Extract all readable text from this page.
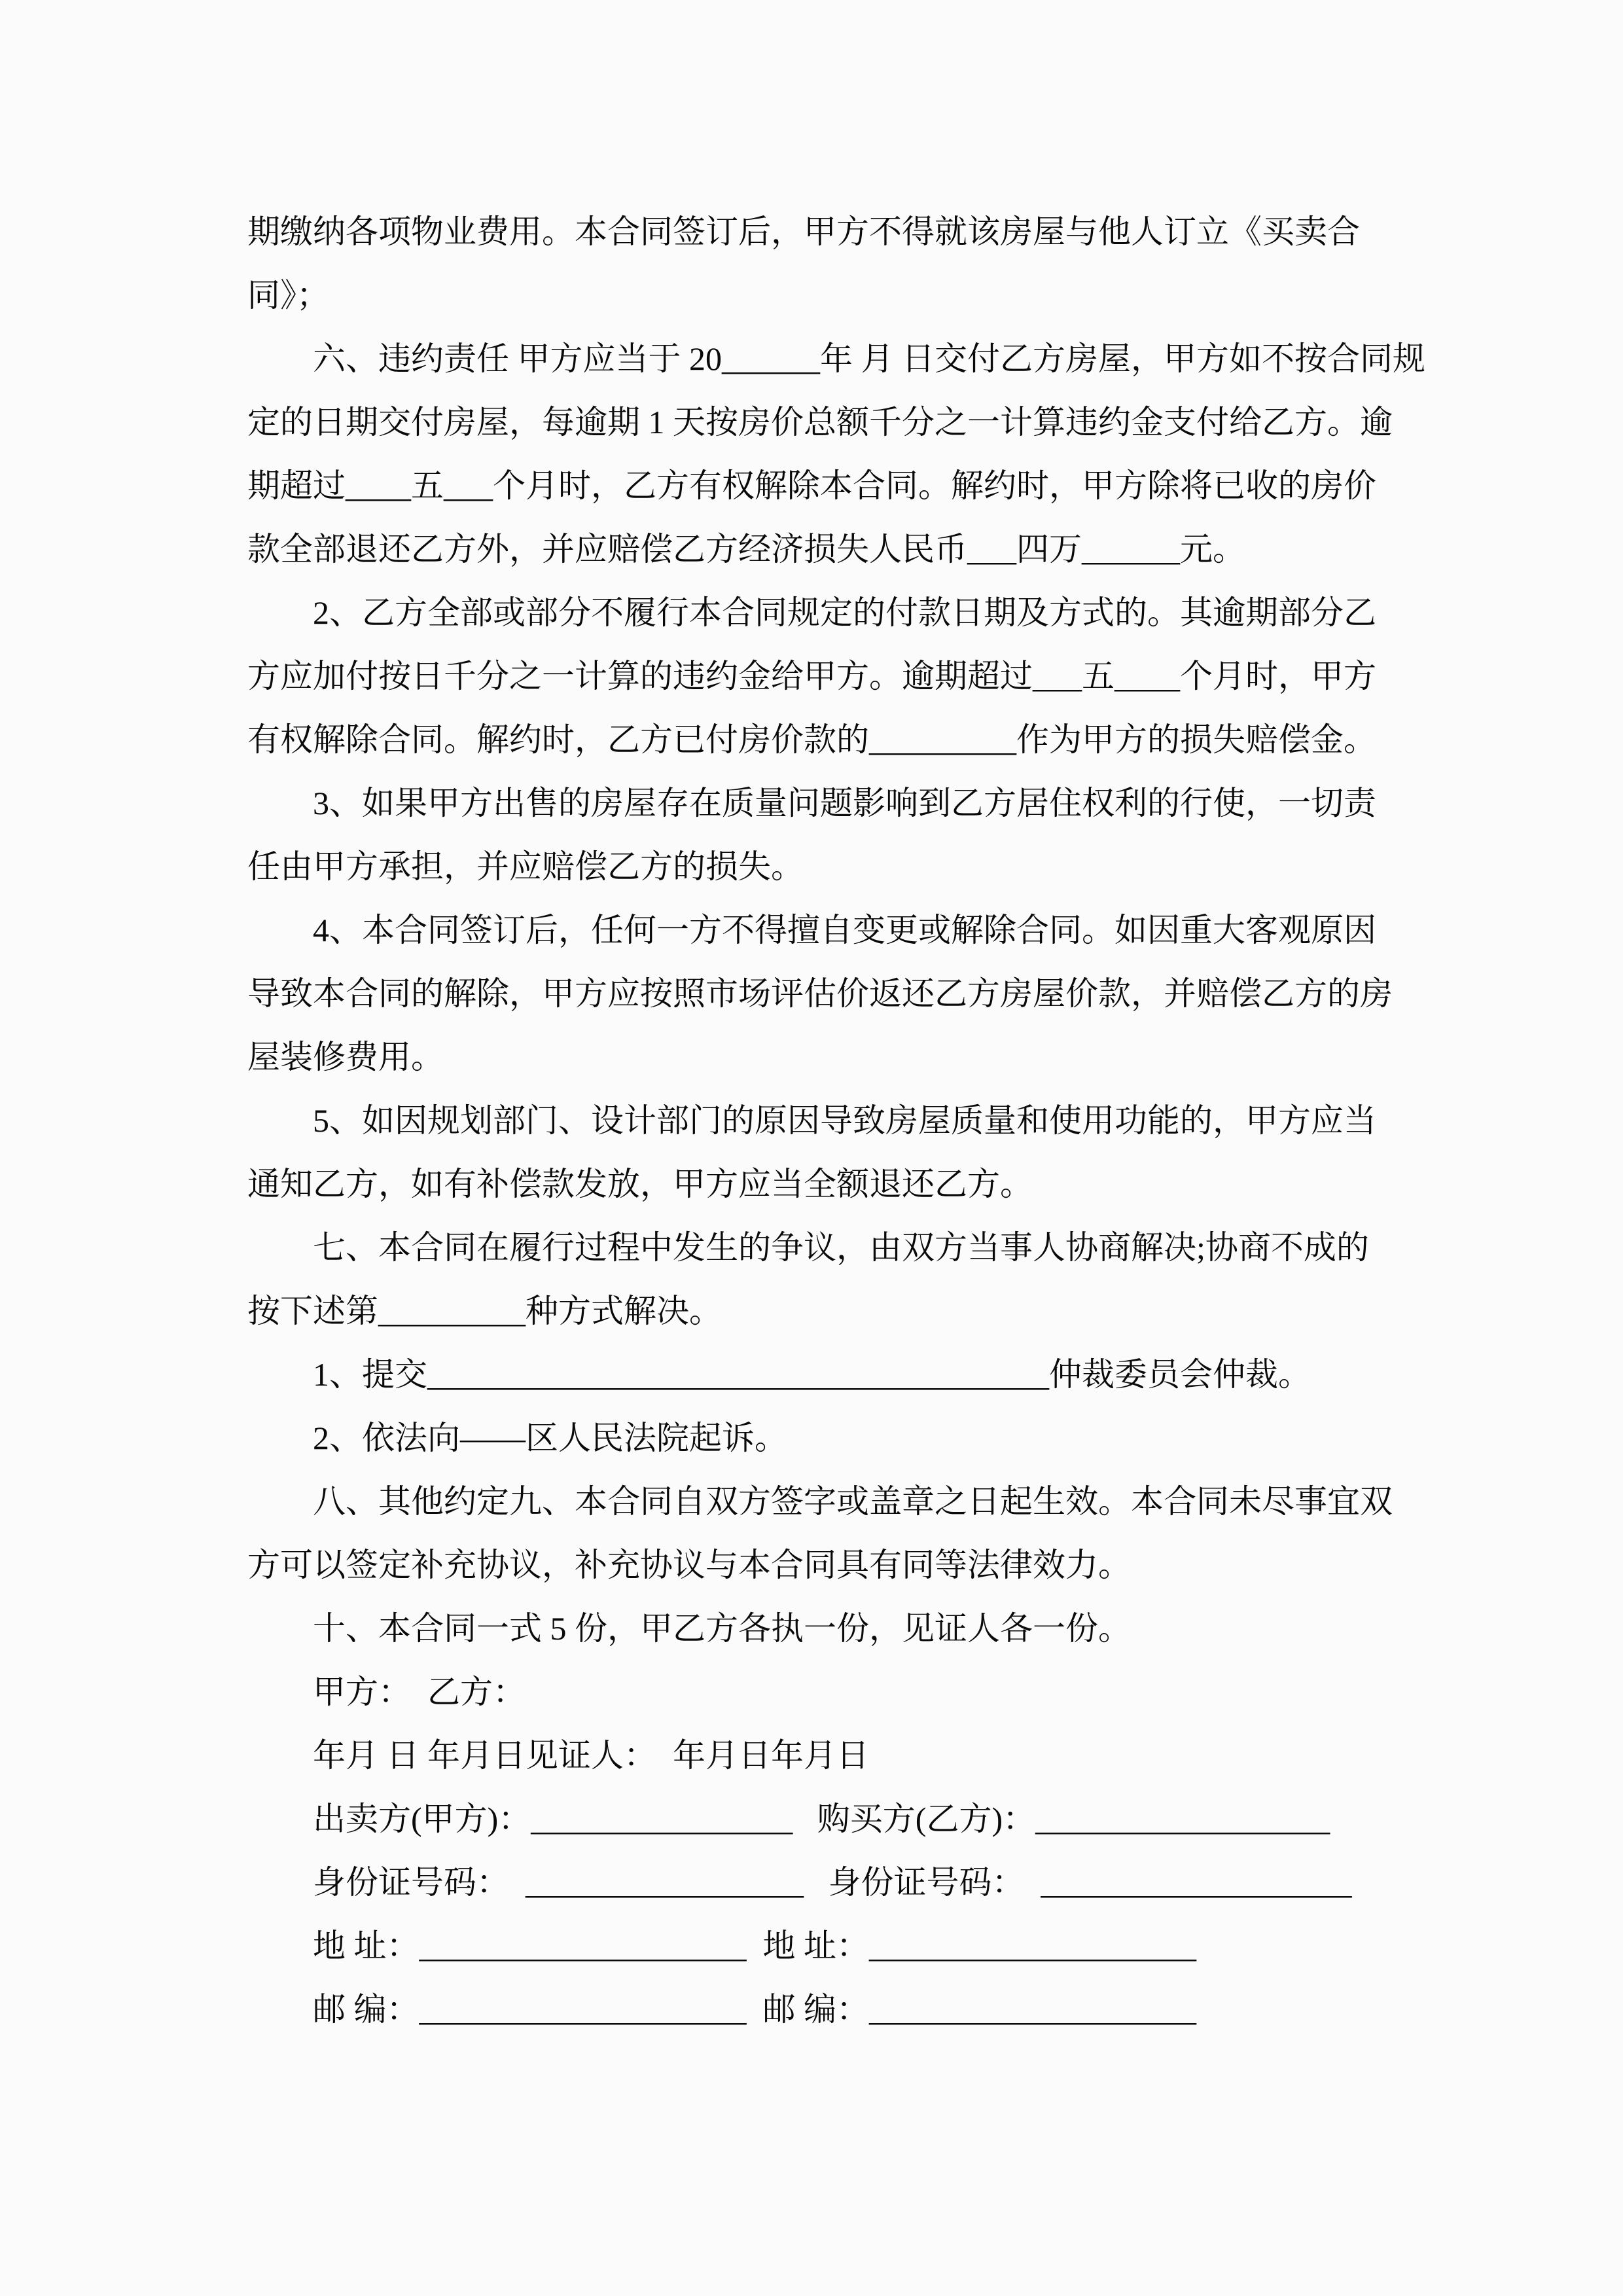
期缴纳各项物业费用。本合同签订后，甲方不得就该房屋与他人订立《买卖合
同》；
六、违约责任 甲方应当于 20______年 月 日交付乙方房屋，甲方如不按合同规
定的日期交付房屋，每逾期 1 天按房价总额千分之一计算违约金支付给乙方。逾
期超过____五___个月时，乙方有权解除本合同。解约时，甲方除将已收的房价
款全部退还乙方外，并应赔偿乙方经济损失人民币___四万______元。
2、乙方全部或部分不履行本合同规定的付款日期及方式的。其逾期部分乙
方应加付按日千分之一计算的违约金给甲方。逾期超过___五____个月时，甲方
有权解除合同。解约时，乙方已付房价款的_________作为甲方的损失赔偿金。
3、如果甲方出售的房屋存在质量问题影响到乙方居住权利的行使，一切责
任由甲方承担，并应赔偿乙方的损失。
4、本合同签订后，任何一方不得擅自变更或解除合同。如因重大客观原因
导致本合同的解除，甲方应按照市场评估价返还乙方房屋价款，并赔偿乙方的房
屋装修费用。
5、如因规划部门、设计部门的原因导致房屋质量和使用功能的，甲方应当
通知乙方，如有补偿款发放，甲方应当全额退还乙方。
七、本合同在履行过程中发生的争议，由双方当事人协商解决;协商不成的
按下述第_________种方式解决。
1、提交______________________________________仲裁委员会仲裁。
2、依法向——区人民法院起诉。
八、其他约定九、本合同自双方签字或盖章之日起生效。本合同未尽事宜双
方可以签定补充协议，补充协议与本合同具有同等法律效力。
十、本合同一式 5 份，甲乙方各执一份，见证人各一份。
甲方：  乙方：
年月 日 年月日见证人：  年月日年月日
出卖方(甲方)：________________   购买方(乙方)：__________________
身份证号码：  _________________   身份证号码：  ___________________
地 址：____________________  地 址：____________________
邮 编：____________________  邮 编：____________________
